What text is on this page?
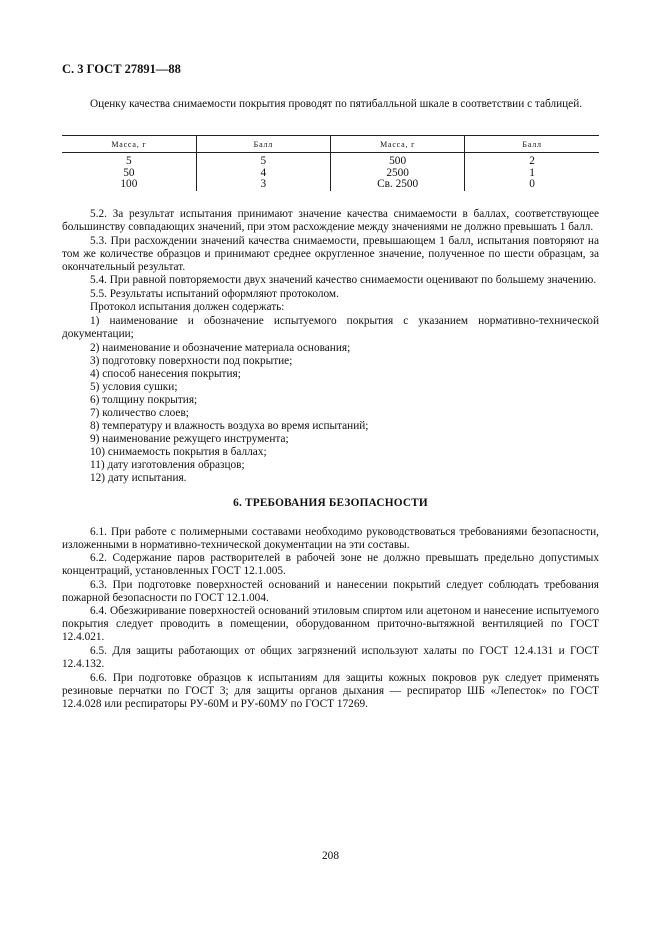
С. 3 ГОСТ 27891—88
Оценку качества снимаемости покрытия проводят по пятибалльной шкале в соответствии с таблицей.
Масса, г	Балл	Масса, г	Балл
5	5	500	2
50	4	2500	1
100	3	Св. 2500	0
5.2. За результат испытания принимают значение качества снимаемости в баллах, соответствующее большинству совпадающих значений, при этом расхождение между значениями не должно превышать 1 балл.
5.3. При расхождении значений качества снимаемости, превышающем 1 балл, испытания повторяют на том же количестве образцов и принимают среднее округленное значение, полученное по шести образцам, за окончательный результат.
5.4. При равной повторяемости двух значений качество снимаемости оценивают по большему значению.
5.5. Результаты испытаний оформляют протоколом.
Протокол испытания должен содержать:
1) наименование и обозначение испытуемого покрытия с указанием нормативно-технической документации;
2) наименование и обозначение материала основания;
3) подготовку поверхности под покрытие;
4) способ нанесения покрытия;
5) условия сушки;
6) толщину покрытия;
7) количество слоев;
8) температуру и влажность воздуха во время испытаний;
9) наименование режущего инструмента;
10) снимаемость покрытия в баллах;
11) дату изготовления образцов;
12) дату испытания.
6. ТРЕБОВАНИЯ БЕЗОПАСНОСТИ
6.1. При работе с полимерными составами необходимо руководствоваться требованиями безопасности, изложенными в нормативно-технической документации на эти составы.
6.2. Содержание паров растворителей в рабочей зоне не должно превышать предельно допустимых концентраций, установленных ГОСТ 12.1.005.
6.3. При подготовке поверхностей оснований и нанесении покрытий следует соблюдать требования пожарной безопасности по ГОСТ 12.1.004.
6.4. Обезжиривание поверхностей оснований этиловым спиртом или ацетоном и нанесение испытуемого покрытия следует проводить в помещении, оборудованном приточно-вытяжной вентиляцией по ГОСТ 12.4.021.
6.5. Для защиты работающих от общих загрязнений используют халаты по ГОСТ 12.4.131 и ГОСТ 12.4.132.
6.6. При подготовке образцов к испытаниям для защиты кожных покровов рук следует применять резиновые перчатки по ГОСТ 3; для защиты органов дыхания — респиратор ШБ «Лепесток» по ГОСТ 12.4.028 или респираторы РУ-60М и РУ-60МУ по ГОСТ 17269.
208
